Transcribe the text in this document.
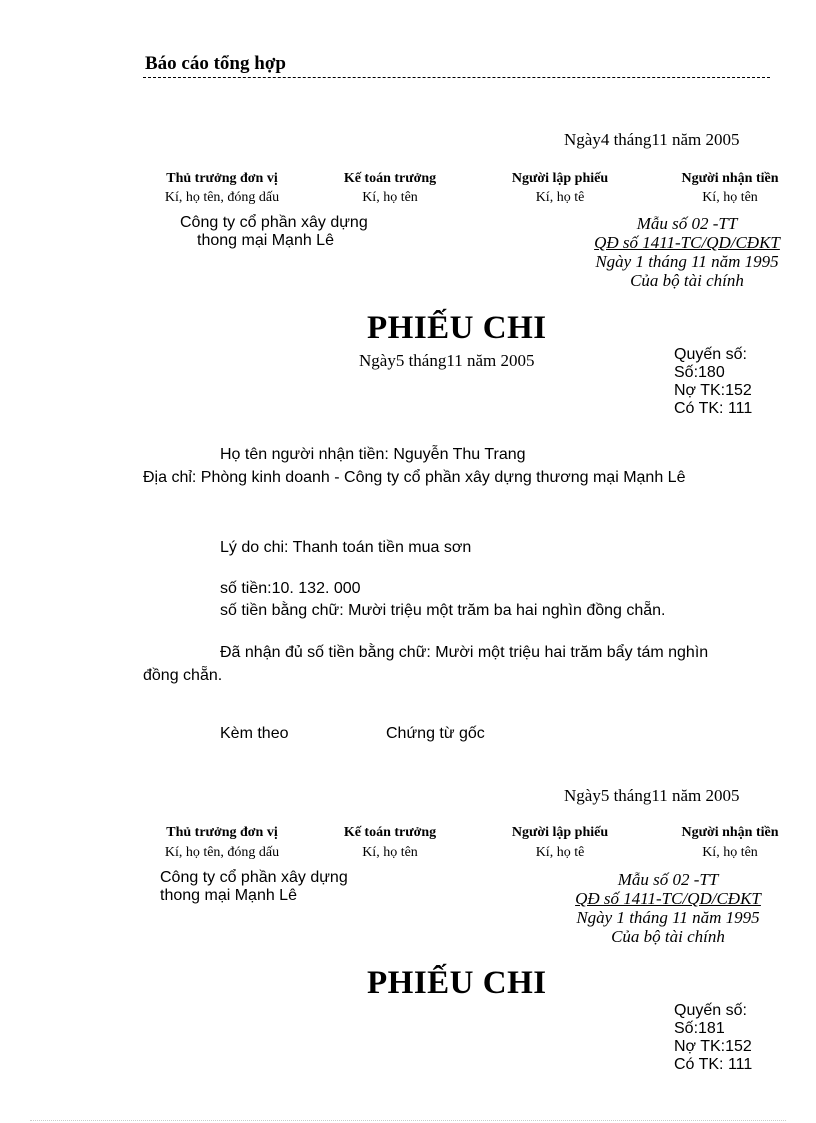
Báo cáo tổng hợp
Ngày4 tháng11 năm 2005
Thủ trưởng đơn vị
Kí, họ tên, đóng dấu
Kế toán trưởng
Kí, họ tên
Người lập phiếu
Kí, họ tê
Người nhận tiền
Kí, họ tên
Công ty cổ phần xây dựng
thong mại Mạnh Lê
Mẫu số 02 -TT
QĐ số 1411-TC/QD/CĐKT
Ngày 1 tháng 11 năm 1995
Của bộ tài chính
PHIẾU CHI
Ngày5 tháng11 năm 2005	Quyến số:
Số:180
Nợ TK:152
Có TK: 111
Họ tên người nhận tiền: Nguyễn Thu Trang
Địa chỉ: Phòng kinh doanh - Công ty cổ phần xây dựng thương mại Mạnh Lê
Lý do chi: Thanh toán tiền mua sơn
số tiền:10. 132. 000
số tiền bằng chữ: Mười triệu một trăm ba hai nghìn đồng chẵn.
Đã nhận đủ số tiền bằng chữ: Mười một triệu hai trăm bẩy tám nghìn
đồng chẵn.
Kèm theo	Chứng từ gốc
Ngày5 tháng11 năm 2005
Thủ trưởng đơn vị
Kí, họ tên, đóng dấu
Kế toán trưởng
Kí, họ tên
Người lập phiếu
Kí, họ tê
Người nhận tiền
Kí, họ tên
Công ty cổ phần xây dựng
thong mại Mạnh Lê
Mẫu số 02 -TT
QĐ số 1411-TC/QD/CĐKT
Ngày 1 tháng 11 năm 1995
Của bộ tài chính
PHIẾU CHI
Quyến số:
Số:181
Nợ TK:152
Có TK: 111
